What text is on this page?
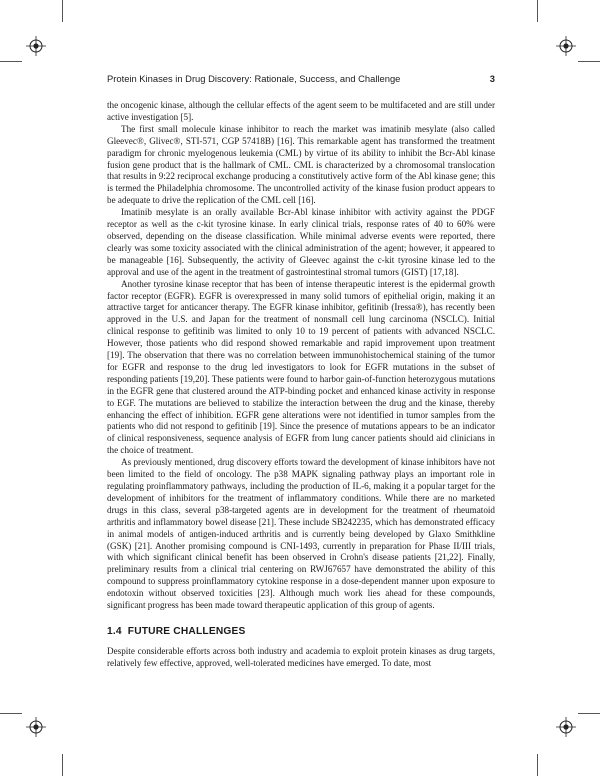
Protein Kinases in Drug Discovery: Rationale, Success, and Challenge	3

the oncogenic kinase, although the cellular effects of the agent seem to be multifaceted and are still under active investigation [5].

The first small molecule kinase inhibitor to reach the market was imatinib mesylate (also called Gleevec®, Glivec®, STI-571, CGP 57418B) [16]. This remarkable agent has transformed the treatment paradigm for chronic myelogenous leukemia (CML) by virtue of its ability to inhibit the Bcr-Abl kinase fusion gene product that is the hallmark of CML. CML is characterized by a chromosomal translocation that results in 9:22 reciprocal exchange producing a constitutively active form of the Abl kinase gene; this is termed the Philadelphia chromosome. The uncontrolled activity of the kinase fusion product appears to be adequate to drive the replication of the CML cell [16].

Imatinib mesylate is an orally available Bcr-Abl kinase inhibitor with activity against the PDGF receptor as well as the c-kit tyrosine kinase. In early clinical trials, response rates of 40 to 60% were observed, depending on the disease classification. While minimal adverse events were reported, there clearly was some toxicity associated with the clinical administration of the agent; however, it appeared to be manageable [16]. Subsequently, the activity of Gleevec against the c-kit tyrosine kinase led to the approval and use of the agent in the treatment of gastrointestinal stromal tumors (GIST) [17,18].

Another tyrosine kinase receptor that has been of intense therapeutic interest is the epidermal growth factor receptor (EGFR). EGFR is overexpressed in many solid tumors of epithelial origin, making it an attractive target for anticancer therapy. The EGFR kinase inhibitor, gefitinib (Iressa®), has recently been approved in the U.S. and Japan for the treatment of nonsmall cell lung carcinoma (NSCLC). Initial clinical response to gefitinib was limited to only 10 to 19 percent of patients with advanced NSCLC. However, those patients who did respond showed remarkable and rapid improvement upon treatment [19]. The observation that there was no correlation between immunohistochemical staining of the tumor for EGFR and response to the drug led investigators to look for EGFR mutations in the subset of responding patients [19,20]. These patients were found to harbor gain-of-function heterozygous mutations in the EGFR gene that clustered around the ATP-binding pocket and enhanced kinase activity in response to EGF. The mutations are believed to stabilize the interaction between the drug and the kinase, thereby enhancing the effect of inhibition. EGFR gene alterations were not identified in tumor samples from the patients who did not respond to gefitinib [19]. Since the presence of mutations appears to be an indicator of clinical responsiveness, sequence analysis of EGFR from lung cancer patients should aid clinicians in the choice of treatment.

As previously mentioned, drug discovery efforts toward the development of kinase inhibitors have not been limited to the field of oncology. The p38 MAPK signaling pathway plays an important role in regulating proinflammatory pathways, including the production of IL-6, making it a popular target for the development of inhibitors for the treatment of inflammatory conditions. While there are no marketed drugs in this class, several p38-targeted agents are in development for the treatment of rheumatoid arthritis and inflammatory bowel disease [21]. These include SB242235, which has demonstrated efficacy in animal models of antigen-induced arthritis and is currently being developed by Glaxo Smithkline (GSK) [21]. Another promising compound is CNI-1493, currently in preparation for Phase II/III trials, with which significant clinical benefit has been observed in Crohn's disease patients [21,22]. Finally, preliminary results from a clinical trial centering on RWJ67657 have demonstrated the ability of this compound to suppress proinflammatory cytokine response in a dose-dependent manner upon exposure to endotoxin without observed toxicities [23]. Although much work lies ahead for these compounds, significant progress has been made toward therapeutic application of this group of agents.

1.4 FUTURE CHALLENGES

Despite considerable efforts across both industry and academia to exploit protein kinases as drug targets, relatively few effective, approved, well-tolerated medicines have emerged. To date, most
